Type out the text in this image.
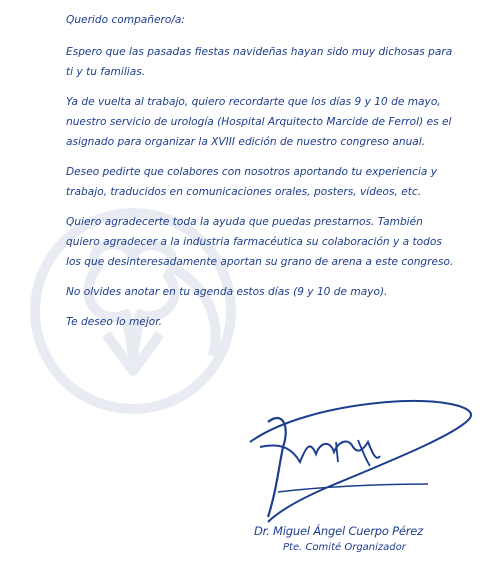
Querido compañero/a:

Espero que las pasadas fiestas navideñas hayan sido muy dichosas para ti y tu familias.

Ya de vuelta al trabajo, quiero recordarte que los días 9 y 10 de mayo, nuestro servicio de urología (Hospital Arquitecto Marcide de Ferrol) es el asignado para organizar la XVIII edición de nuestro congreso anual.

Deseo pedirte que colabores con nosotros aportando tu experiencia y trabajo, traducidos en comunicaciones orales, posters, vídeos, etc.

Quiero agradecerte toda la ayuda que puedas prestarnos. También quiero agradecer a la industria farmacéutica su colaboración y a todos los que desinteresadamente aportan su grano de arena a este congreso.

No olvides anotar en tu agenda estos días (9 y 10 de mayo).

Te deseo lo mejor.

Dr. Miguel Ángel Cuerpo Pérez
Pte. Comité Organizador
